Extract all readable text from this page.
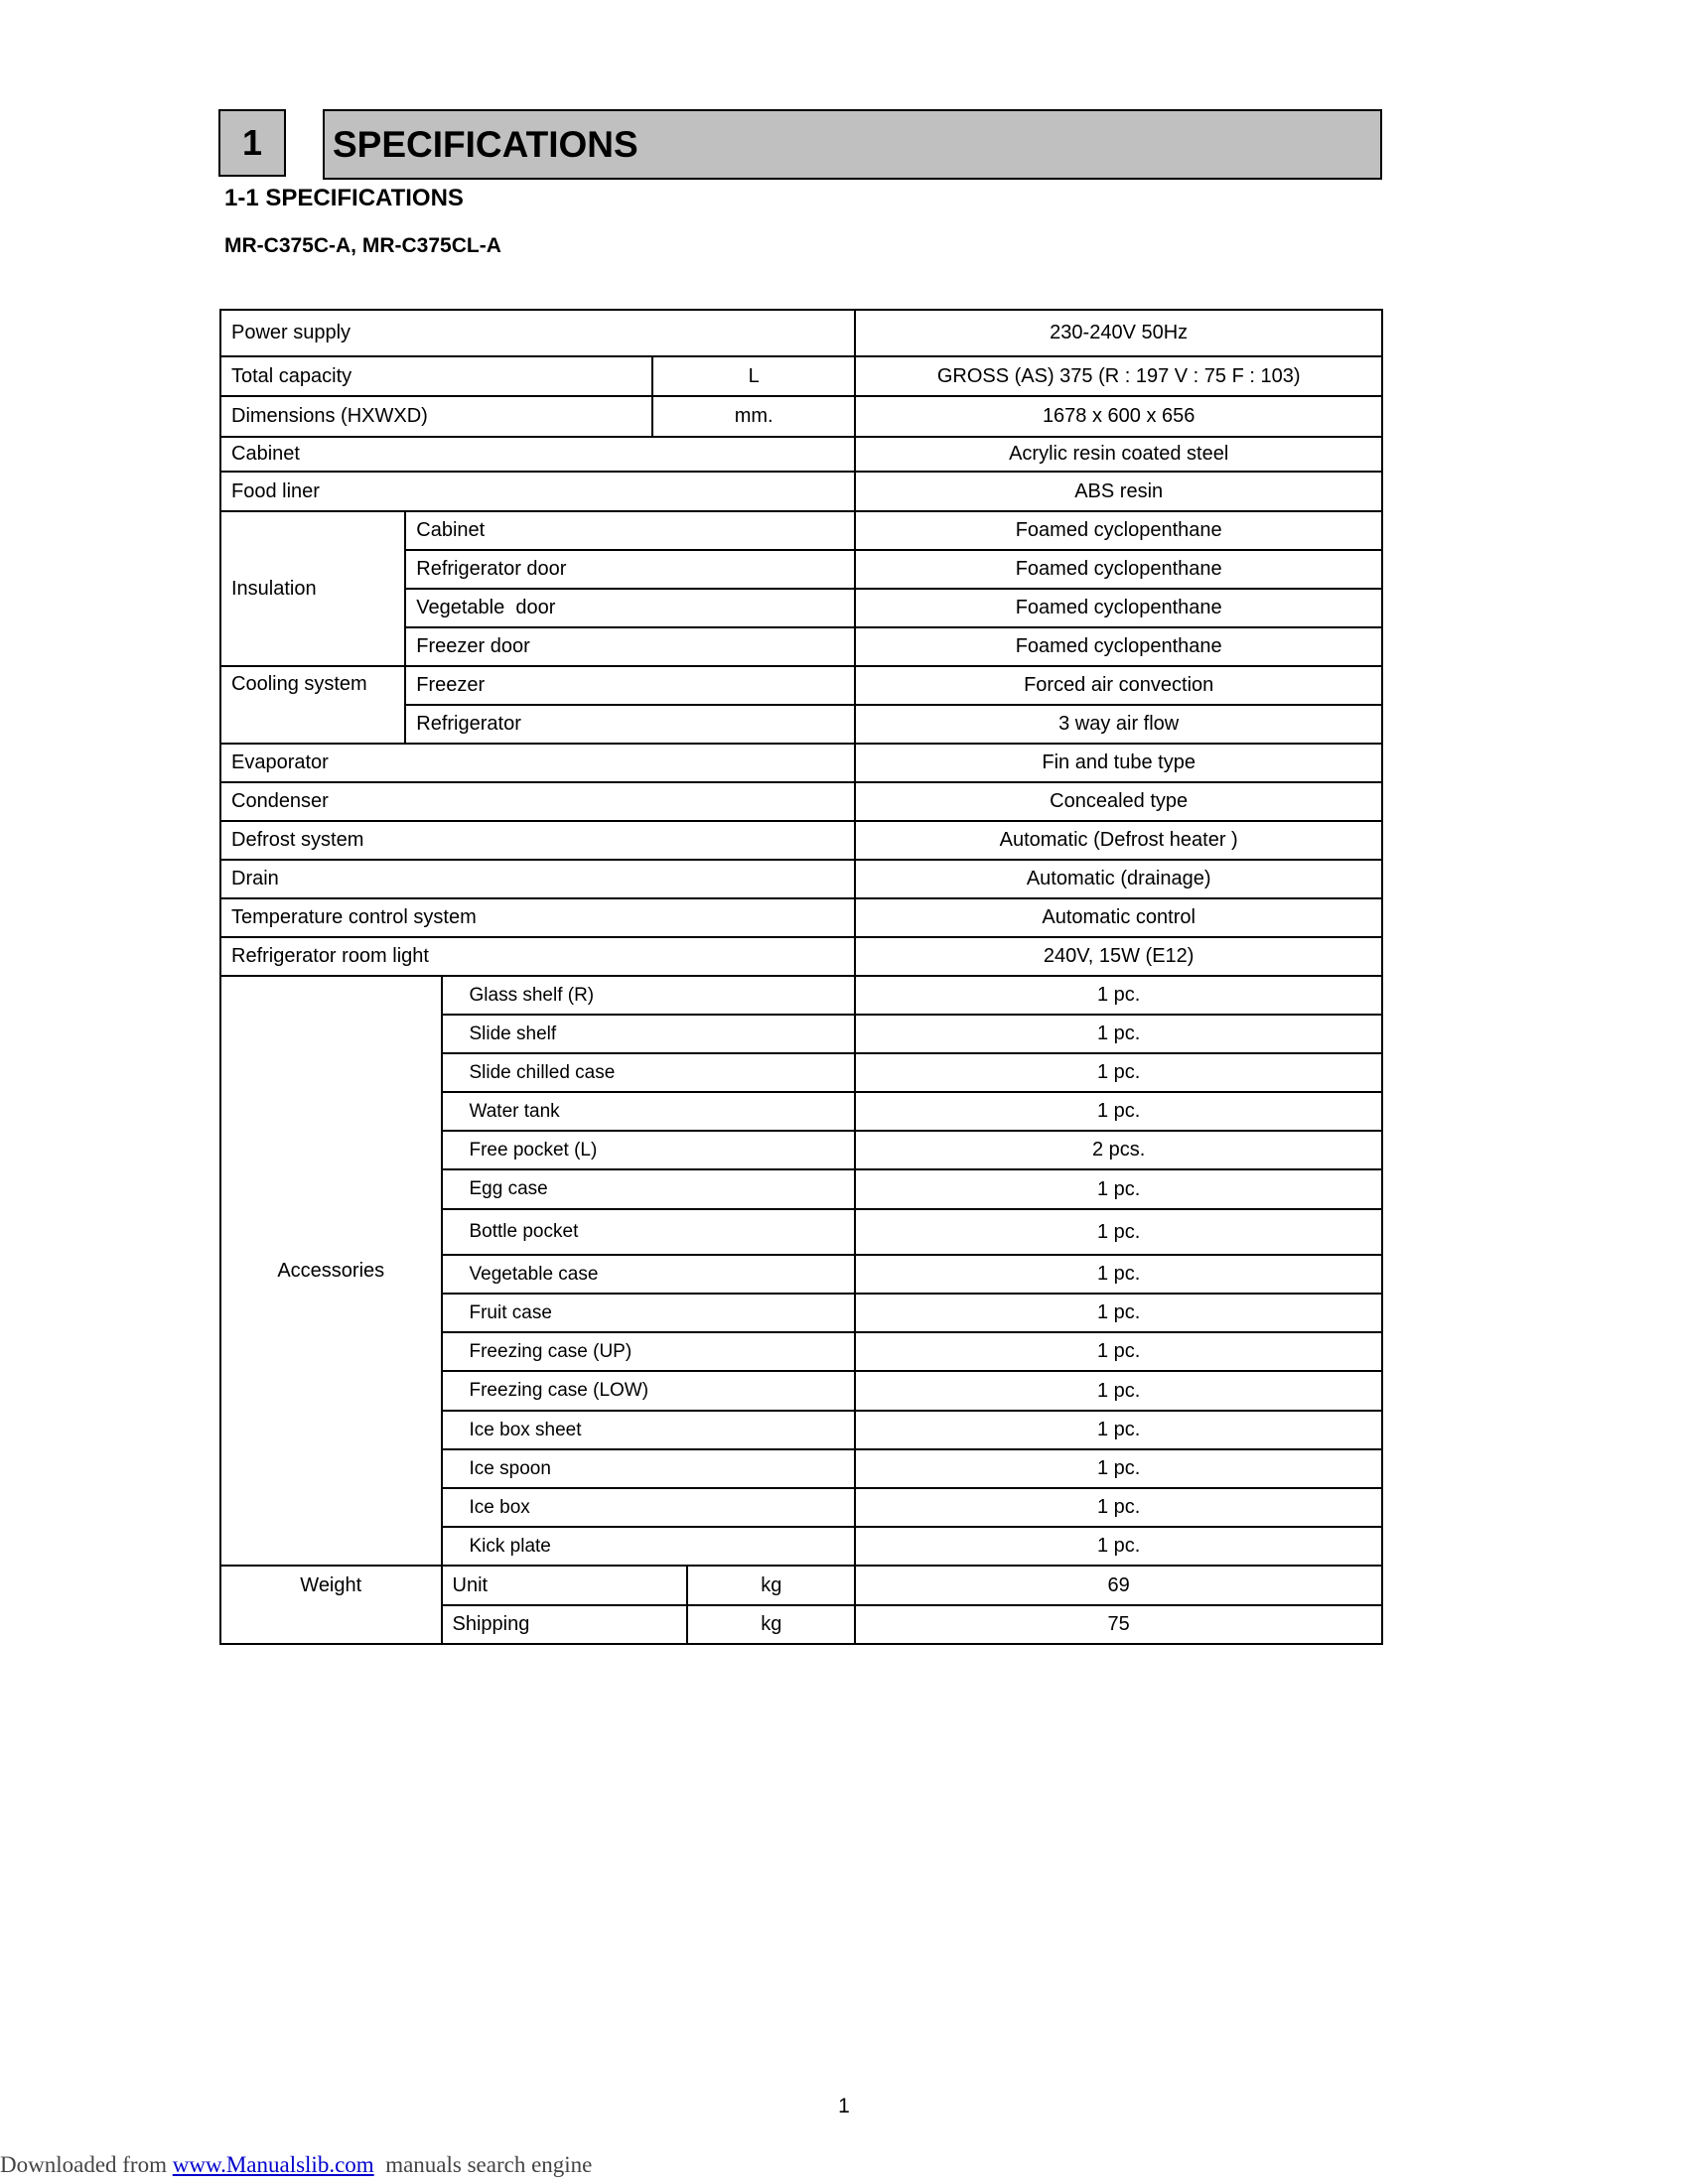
1	SPECIFICATIONS
1-1 SPECIFICATIONS
MR-C375C-A, MR-C375CL-A
Power supply					230-240V 50Hz
Total capacity			L		GROSS (AS) 375 (R : 197 V : 75 F : 103)
Dimensions (HXWXD)			mm.		1678 x 600 x 656
Cabinet					Acrylic resin coated steel
Food liner					ABS resin
Insulation	Cabinet				Foamed cyclopenthane
	Refrigerator door				Foamed cyclopenthane
	Vegetable  door				Foamed cyclopenthane
	Freezer door				Foamed cyclopenthane
Cooling system	Freezer				Forced air convection
	Refrigerator				3 way air flow
Evaporator					Fin and tube type
Condenser					Concealed type
Defrost system					Automatic (Defrost heater )
Drain					Automatic (drainage)
Temperature control system					Automatic control
Refrigerator room light					240V, 15W (E12)
Accessories		Glass shelf (R)			1 pc.
		Slide shelf			1 pc.
		Slide chilled case			1 pc.
		Water tank			1 pc.
		Free pocket (L)			2 pcs.
		Egg case			1 pc.
		Bottle pocket			1 pc.
		Vegetable case			1 pc.
		Fruit case			1 pc.
		Freezing case (UP)			1 pc.
		Freezing case (LOW)			1 pc.
		Ice box sheet			1 pc.
		Ice spoon			1 pc.
		Ice box			1 pc.
		Kick plate			1 pc.
Weight		Unit		kg	69
		Shipping		kg	75
1
Downloaded from www.Manualslib.com  manuals search engine
